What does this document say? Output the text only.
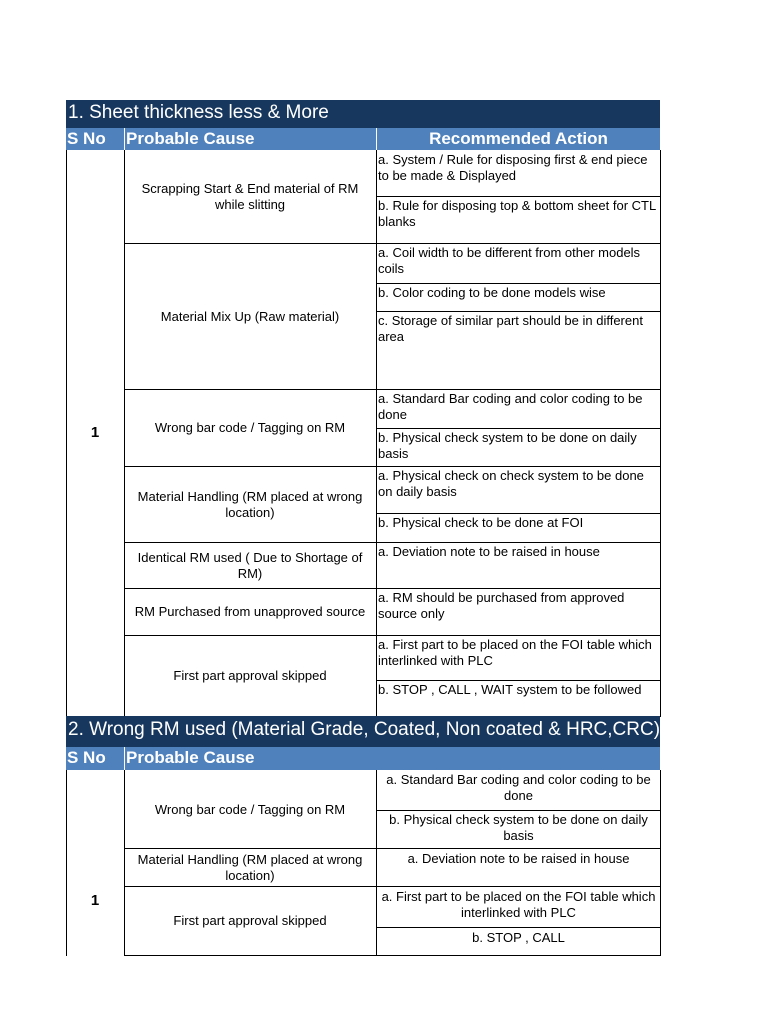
1. Sheet thickness less & More
S No Probable Cause	Recommended Action
1
Scrapping Start & End material of RM while slitting
Material Mix Up (Raw material)
Wrong bar code / Tagging on RM
Material Handling (RM placed at wrong location)
Identical RM used ( Due to Shortage of RM)
RM Purchased from unapproved source
First part approval skipped
a. System / Rule for disposing first & end piece to be made & Displayed
b. Rule for disposing top & bottom sheet for CTL blanks
a. Coil width to be different from other models coils
b. Color coding to be done models wise
c. Storage of similar part should be in different area
a. Standard Bar coding and color coding to be done
b. Physical check system to be done on daily basis
a. Physical check on check system to be done on daily basis
b. Physical check to be done at FOI
a. Deviation note to be raised in house
a. RM should be purchased from approved source only
a. First part to be placed on the FOI table which interlinked with PLC
b. STOP , CALL , WAIT system to be followed
2. Wrong RM used (Material Grade, Coated, Non coated & HRC,CRC)
S No Probable Cause
1
Wrong bar code / Tagging on RM
Material Handling (RM placed at wrong location)
First part approval skipped
a. Standard Bar coding and color coding to be done
b. Physical check system to be done on daily basis
a. Deviation note to be raised in house
a. First part to be placed on the FOI table which interlinked with PLC
b. STOP , CALL
